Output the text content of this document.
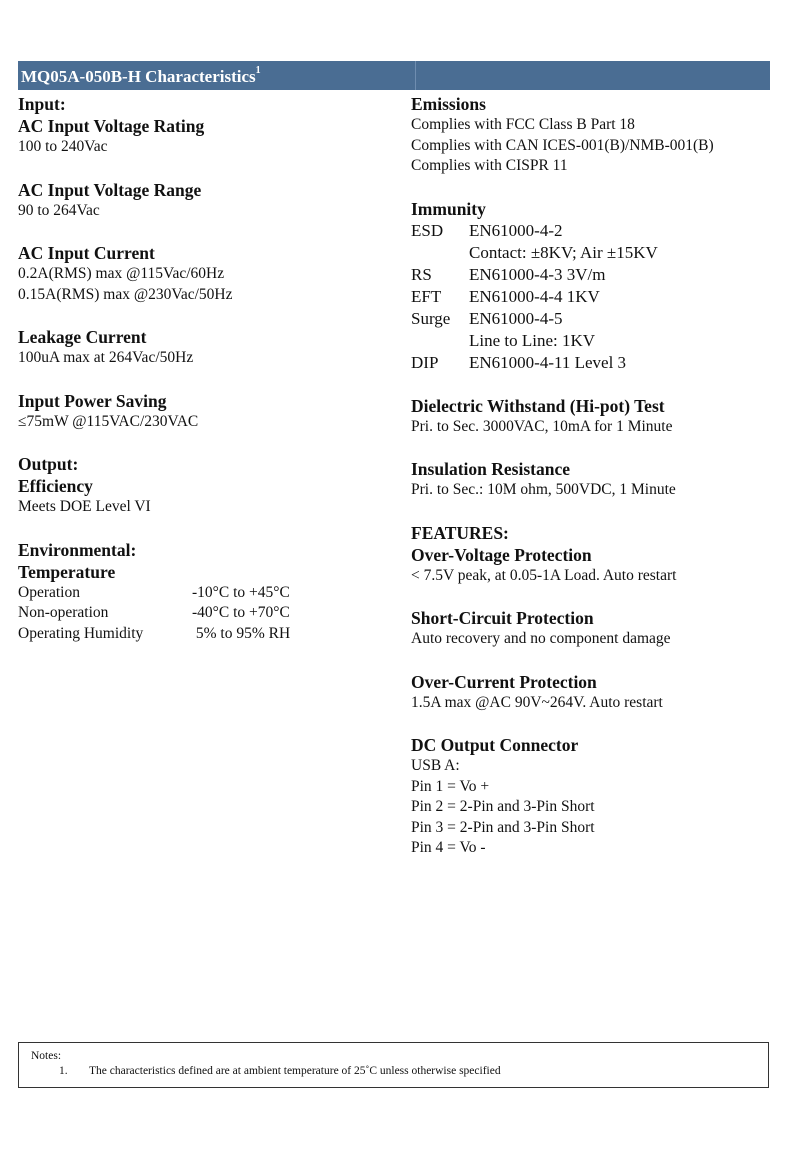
MQ05A-050B-H Characteristics$^1$
Input:
AC Input Voltage Rating
100 to 240Vac
AC Input Voltage Range
90 to 264Vac
AC Input Current
0.2A(RMS) max @115Vac/60Hz
0.15A(RMS) max @230Vac/50Hz
Leakage Current
100uA max at 264Vac/50Hz
Input Power Saving
≤75mW @115VAC/230VAC
Output:
Efficiency
Meets DOE Level VI
Environmental:
Temperature
Operation	-10°C to +45°C
Non-operation	-40°C to +70°C
Operating Humidity	5% to 95% RH
Emissions
Complies with FCC Class B Part 18
Complies with CAN ICES-001(B)/NMB-001(B)
Complies with CISPR 11
Immunity
ESD	EN61000-4-2
Contact: ±8KV; Air ±15KV
RS	EN61000-4-3 3V/m
EFT	EN61000-4-4 1KV
Surge	EN61000-4-5
Line to Line: 1KV
DIP	EN61000-4-11 Level 3
Dielectric Withstand (Hi-pot) Test
Pri. to Sec. 3000VAC, 10mA for 1 Minute
Insulation Resistance
Pri. to Sec.: 10M ohm, 500VDC, 1 Minute
FEATURES:
Over-Voltage Protection
< 7.5V peak, at 0.05-1A Load. Auto restart
Short-Circuit Protection
Auto recovery and no component damage
Over-Current Protection
1.5A max @AC 90V~264V. Auto restart
DC Output Connector
USB A:
Pin 1 = Vo +
Pin 2 = 2-Pin and 3-Pin Short
Pin 3 = 2-Pin and 3-Pin Short
Pin 4 = Vo -
Notes:
1. The characteristics defined are at ambient temperature of 25˚C unless otherwise specified
